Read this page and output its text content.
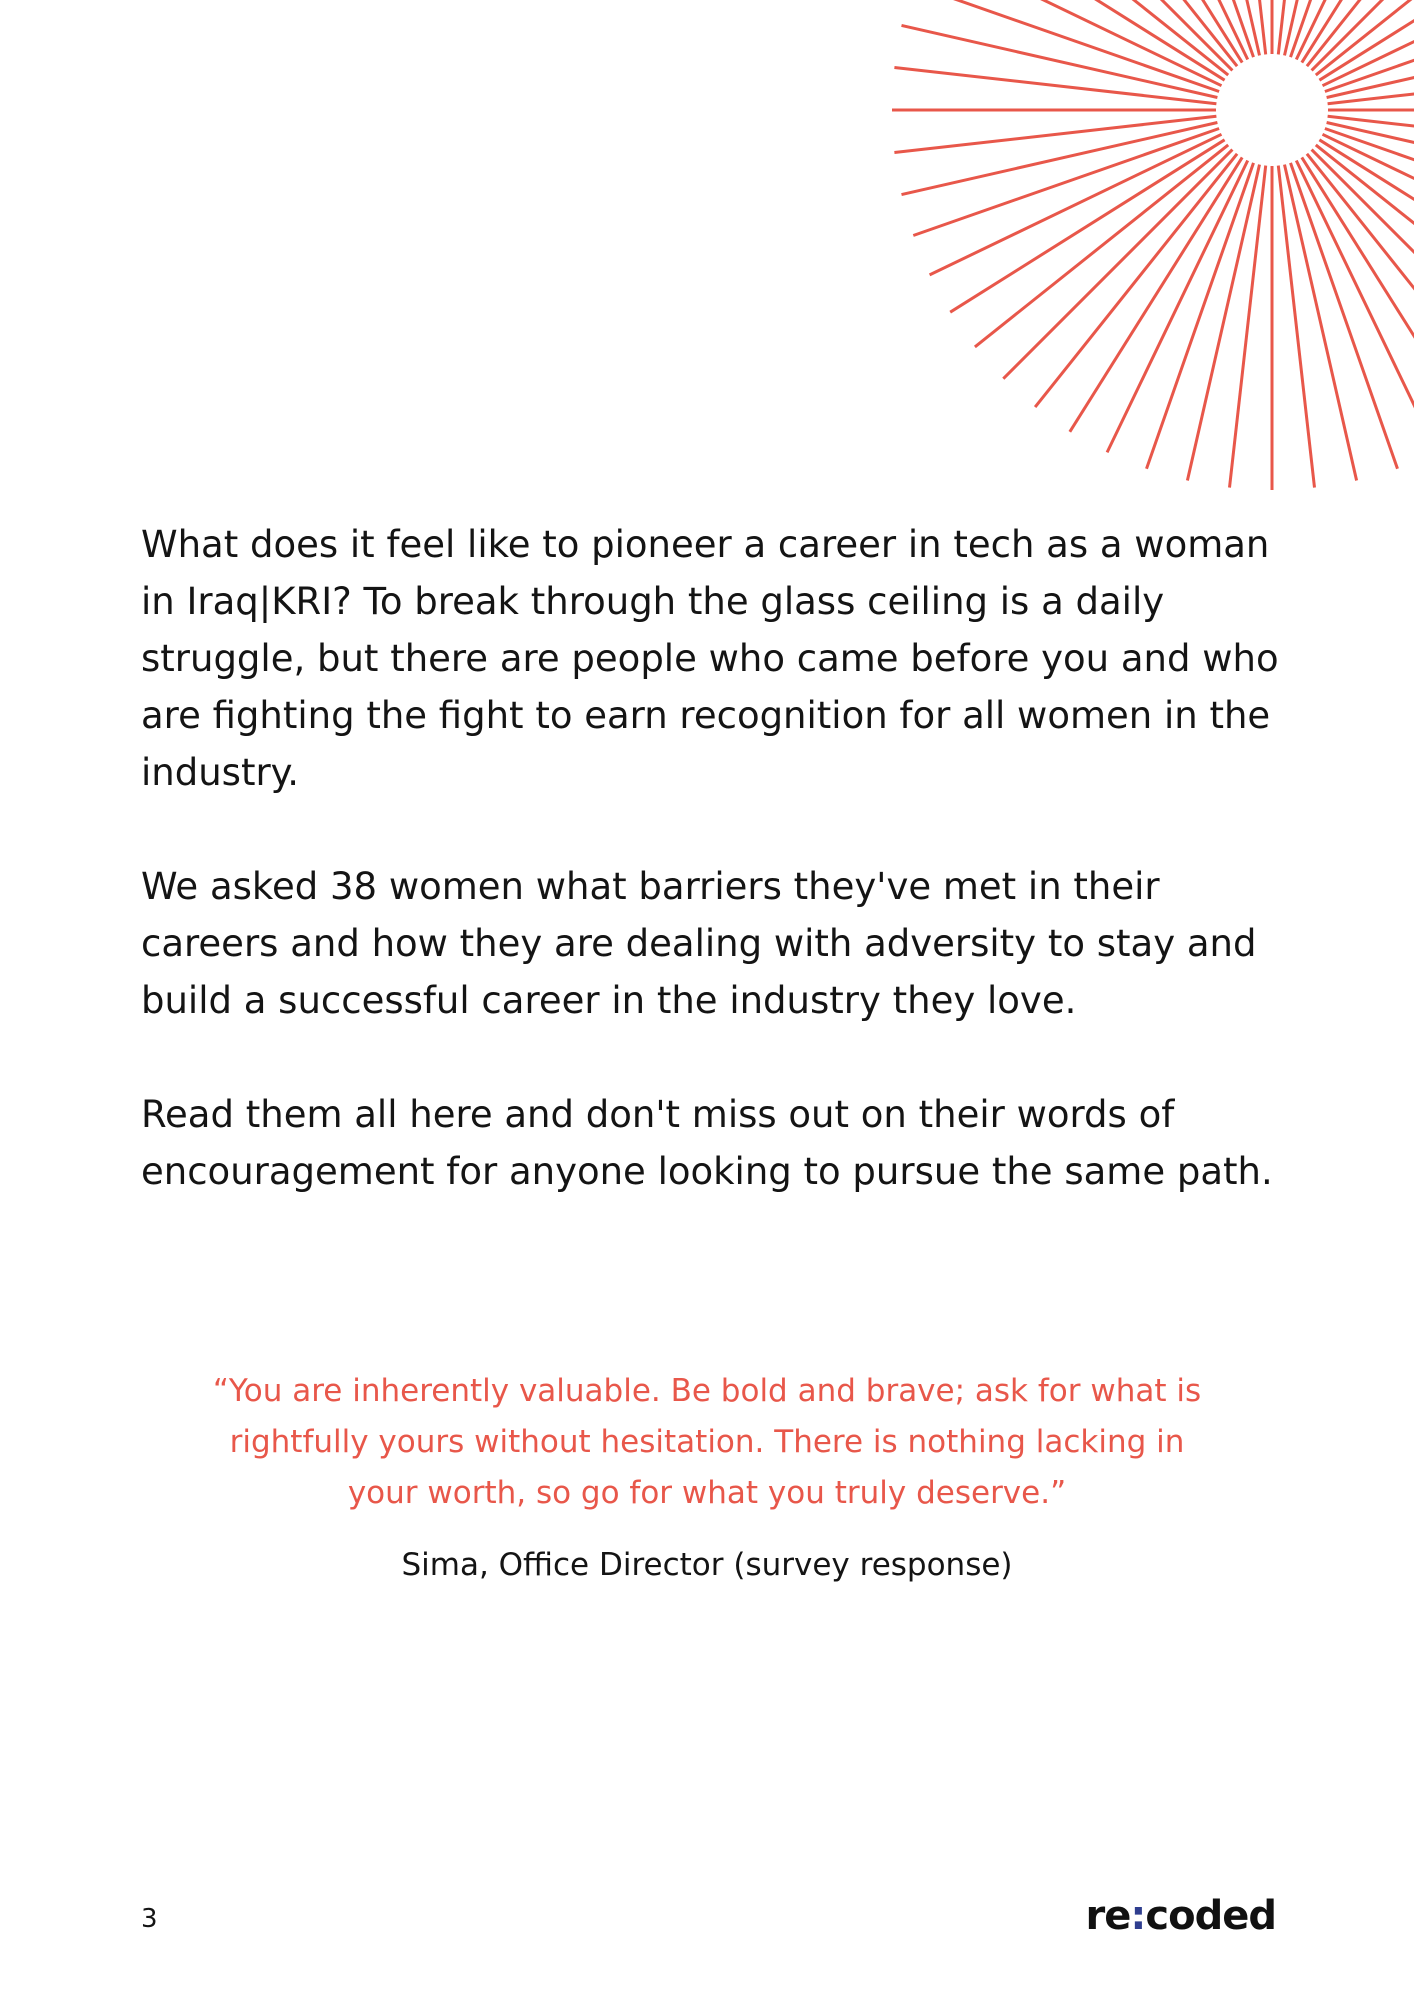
What does it feel like to pioneer a career in tech as a woman in Iraq|KRI? To break through the glass ceiling is a daily struggle, but there are people who came before you and who are fighting the fight to earn recognition for all women in the industry.

We asked 38 women what barriers they've met in their careers and how they are dealing with adversity to stay and build a successful career in the industry they love.

Read them all here and don't miss out on their words of encouragement for anyone looking to pursue the same path.

“You are inherently valuable. Be bold and brave; ask for what is rightfully yours without hesitation. There is nothing lacking in your worth, so go for what you truly deserve.”

Sima, Office Director (survey response)

3	re:coded
